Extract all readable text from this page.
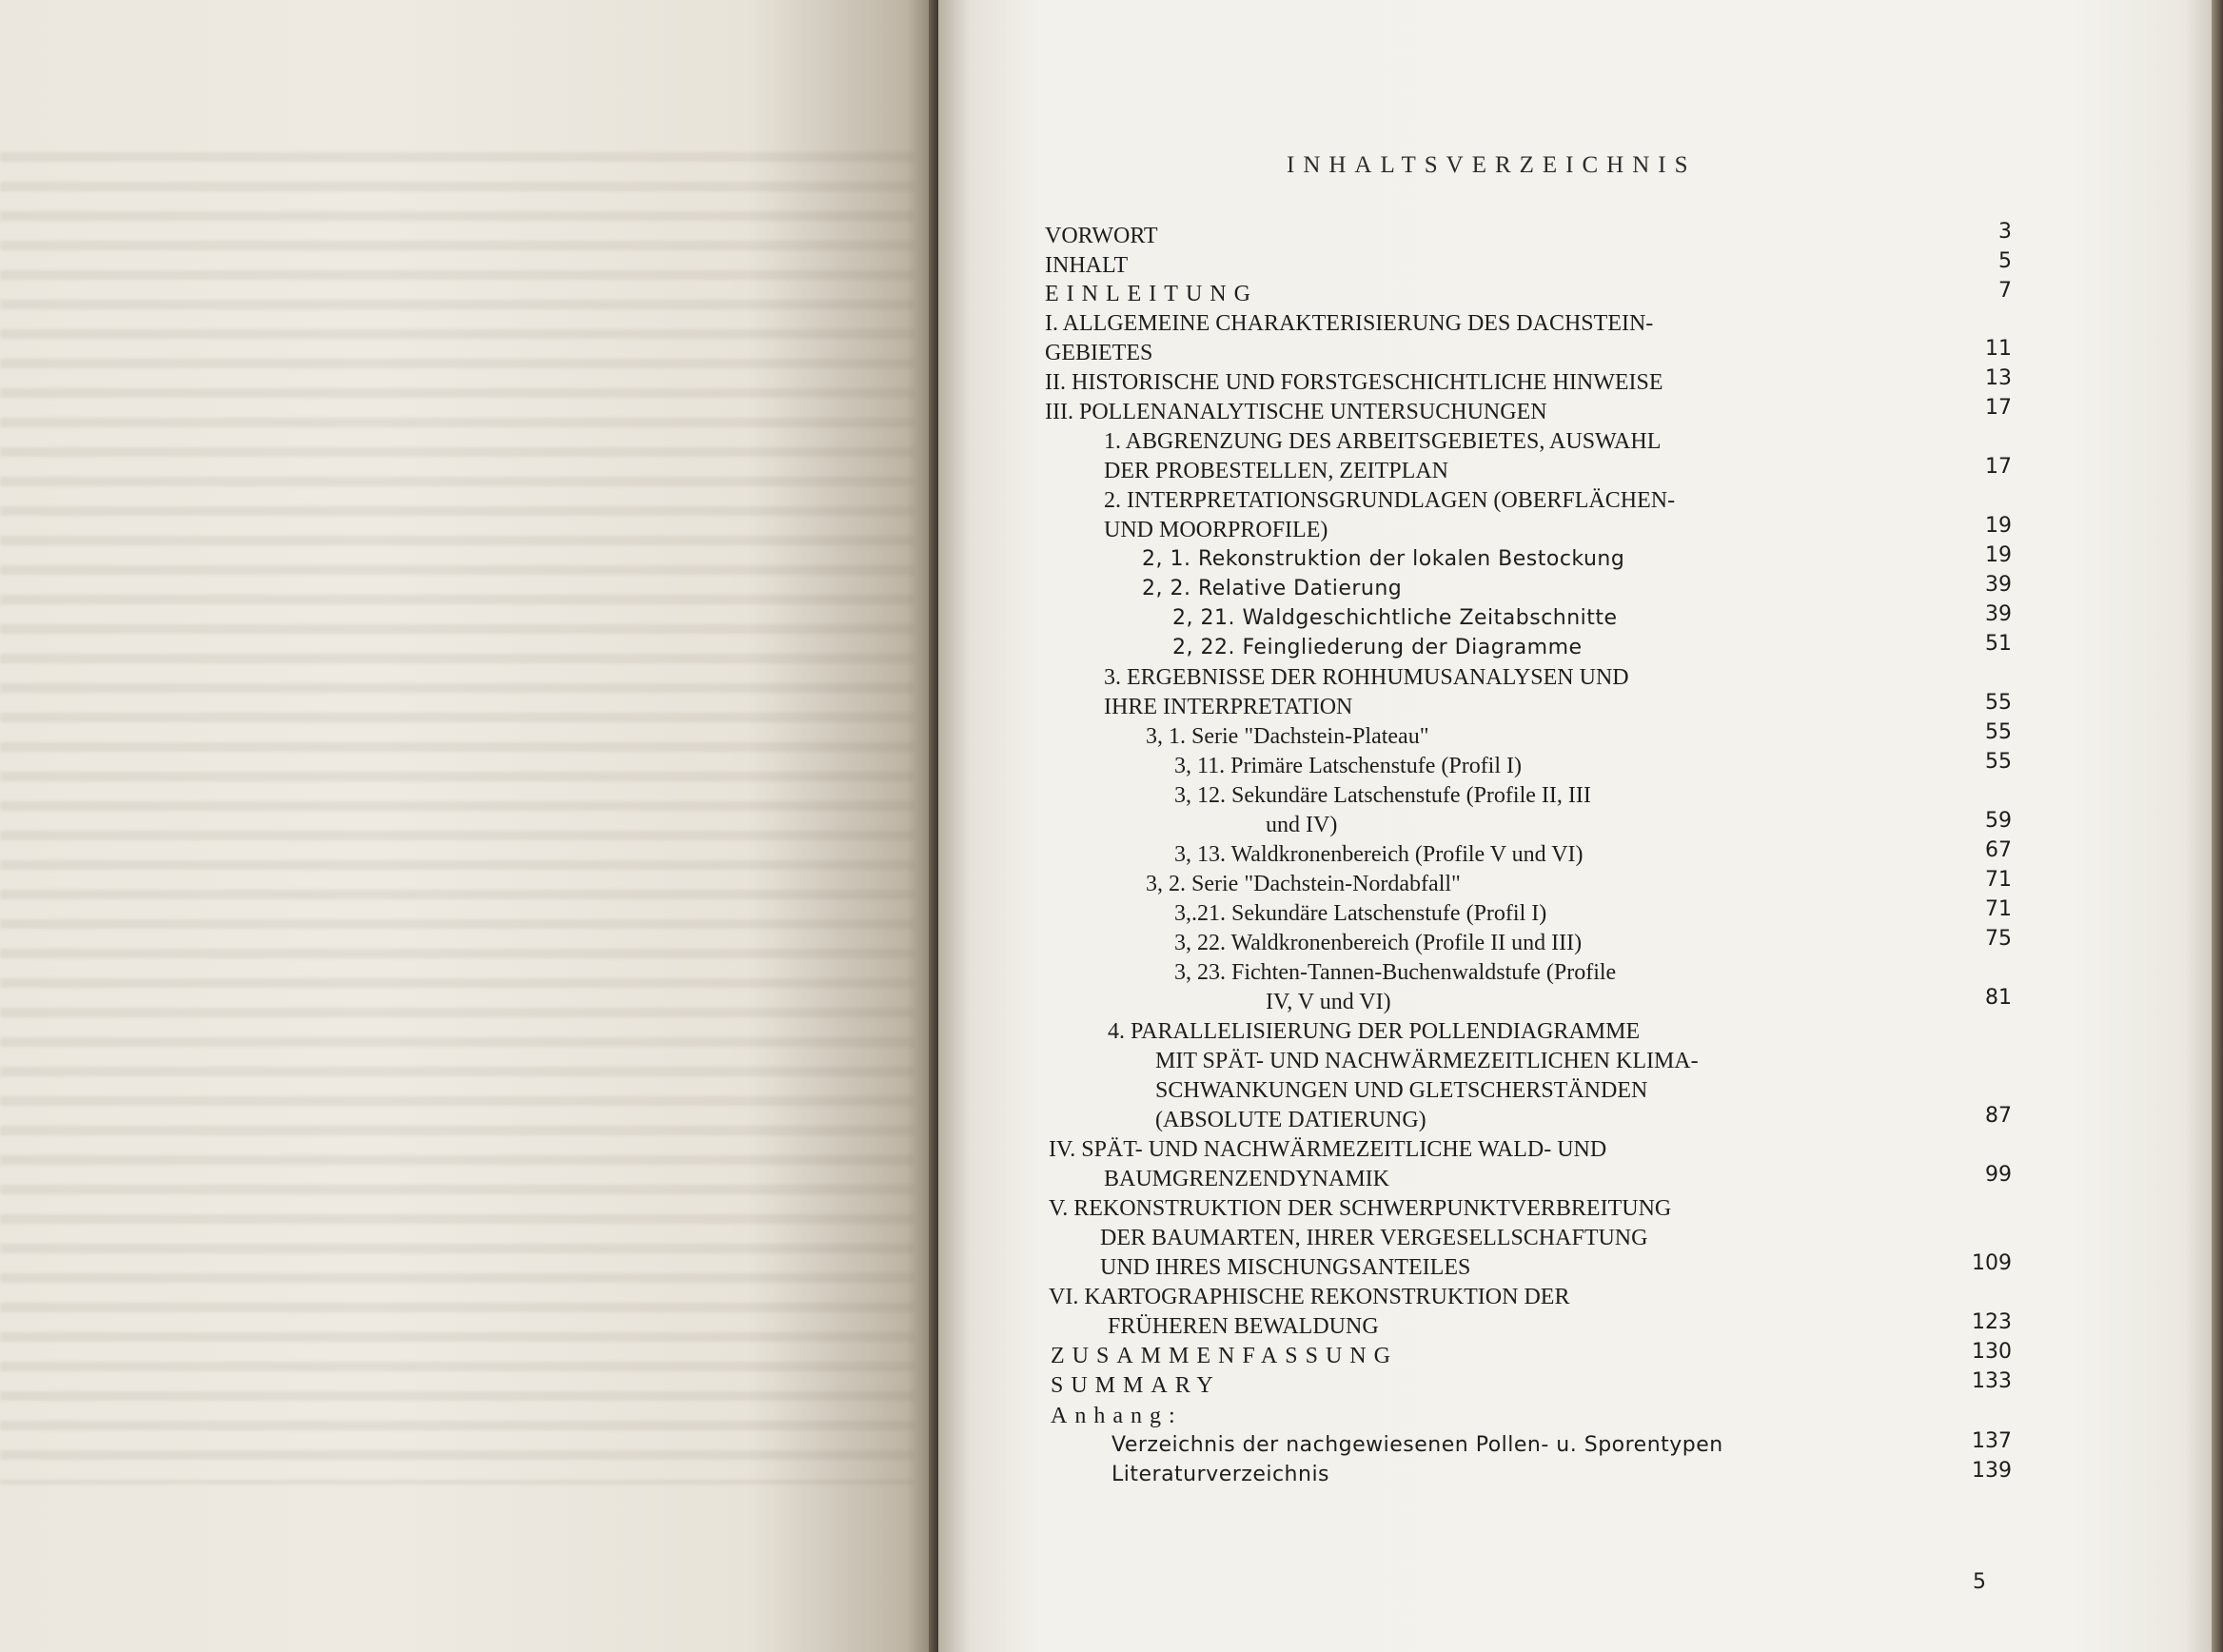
INHALTSVERZEICHNIS
VORWORT	3
INHALT	5
EINLEITUNG	7
I. ALLGEMEINE CHARAKTERISIERUNG DES DACHSTEIN-
GEBIETES	11
II. HISTORISCHE UND FORSTGESCHICHTLICHE HINWEISE	13
III. POLLENANALYTISCHE UNTERSUCHUNGEN	17
1. ABGRENZUNG DES ARBEITSGEBIETES, AUSWAHL
DER PROBESTELLEN, ZEITPLAN	17
2. INTERPRETATIONSGRUNDLAGEN (OBERFLÄCHEN-
UND MOORPROFILE)	19
2, 1. Rekonstruktion der lokalen Bestockung	19
2, 2. Relative Datierung	39
2, 21. Waldgeschichtliche Zeitabschnitte	39
2, 22. Feingliederung der Diagramme	51
3. ERGEBNISSE DER ROHHUMUSANALYSEN UND
IHRE INTERPRETATION	55
3, 1. Serie "Dachstein-Plateau"	55
3, 11. Primäre Latschenstufe (Profil I)	55
3, 12. Sekundäre Latschenstufe (Profile II, III
und IV)	59
3, 13. Waldkronenbereich (Profile V und VI)	67
3, 2. Serie "Dachstein-Nordabfall"	71
3,.21. Sekundäre Latschenstufe (Profil I)	71
3, 22. Waldkronenbereich (Profile II und III)	75
3, 23. Fichten-Tannen-Buchenwaldstufe (Profile
IV, V und VI)	81
4. PARALLELISIERUNG DER POLLENDIAGRAMME
MIT SPÄT- UND NACHWÄRMEZEITLICHEN KLIMA-
SCHWANKUNGEN UND GLETSCHERSTÄNDEN
(ABSOLUTE DATIERUNG)	87
IV. SPÄT- UND NACHWÄRMEZEITLICHE WALD- UND
BAUMGRENZENDYNAMIK	99
V. REKONSTRUKTION DER SCHWERPUNKTVERBREITUNG
DER BAUMARTEN, IHRER VERGESELLSCHAFTUNG
UND IHRES MISCHUNGSANTEILES	109
VI. KARTOGRAPHISCHE REKONSTRUKTION DER
FRÜHEREN BEWALDUNG	123
ZUSAMMENFASSUNG	130
SUMMARY	133
Anhang:
Verzeichnis der nachgewiesenen Pollen- u. Sporentypen	137
Literaturverzeichnis	139
5
